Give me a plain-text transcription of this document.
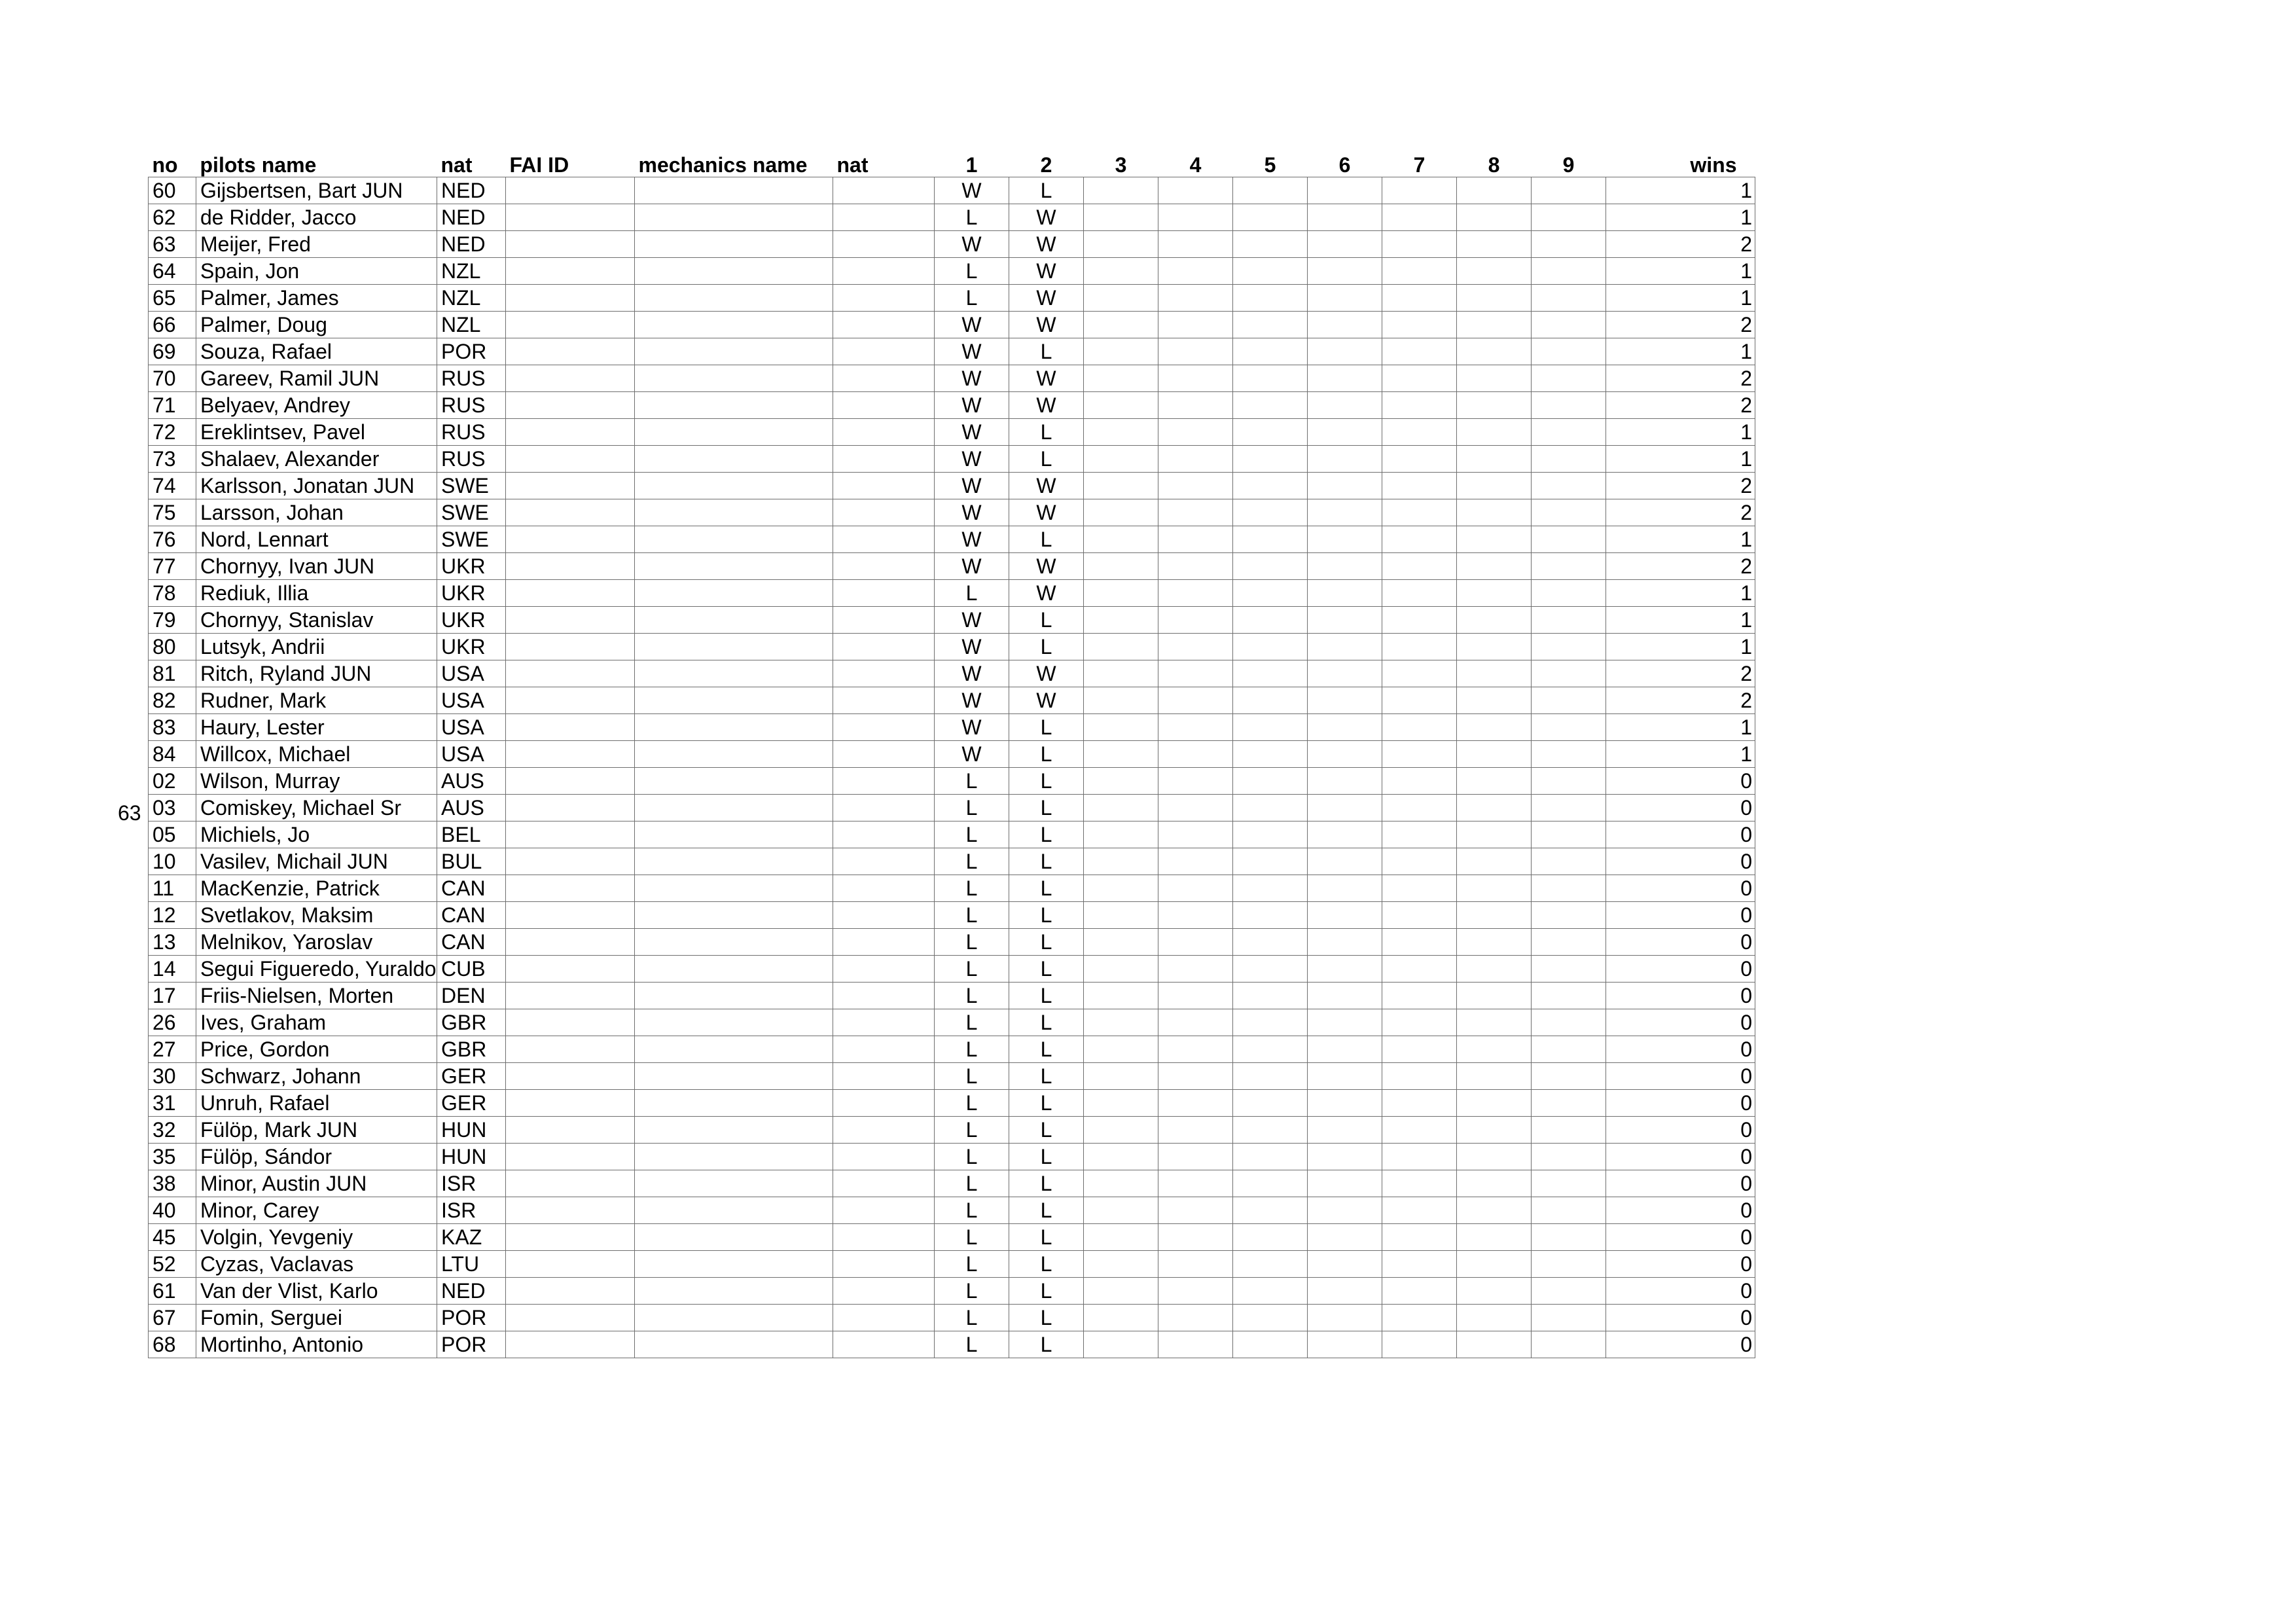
63
no	pilots name	nat	FAI ID	mechanics name	nat	1	2	3	4	5	6	7	8	9	wins
60	Gijsbertsen, Bart JUN	NED				W	L								1
62	de Ridder, Jacco	NED				L	W								1
63	Meijer, Fred	NED				W	W								2
64	Spain, Jon	NZL				L	W								1
65	Palmer, James	NZL				L	W								1
66	Palmer, Doug	NZL				W	W								2
69	Souza, Rafael	POR				W	L								1
70	Gareev, Ramil JUN	RUS				W	W								2
71	Belyaev, Andrey	RUS				W	W								2
72	Ereklintsev, Pavel	RUS				W	L								1
73	Shalaev, Alexander	RUS				W	L								1
74	Karlsson, Jonatan JUN	SWE				W	W								2
75	Larsson, Johan	SWE				W	W								2
76	Nord, Lennart	SWE				W	L								1
77	Chornyy, Ivan JUN	UKR				W	W								2
78	Rediuk, Illia	UKR				L	W								1
79	Chornyy, Stanislav	UKR				W	L								1
80	Lutsyk, Andrii	UKR				W	L								1
81	Ritch, Ryland JUN	USA				W	W								2
82	Rudner, Mark	USA				W	W								2
83	Haury, Lester	USA				W	L								1
84	Willcox, Michael	USA				W	L								1
02	Wilson, Murray	AUS				L	L								0
03	Comiskey, Michael Sr	AUS				L	L								0
05	Michiels, Jo	BEL				L	L								0
10	Vasilev, Michail JUN	BUL				L	L								0
11	MacKenzie, Patrick	CAN				L	L								0
12	Svetlakov, Maksim	CAN				L	L								0
13	Melnikov, Yaroslav	CAN				L	L								0
14	Segui Figueredo, Yuraldo	CUB				L	L								0
17	Friis-Nielsen, Morten	DEN				L	L								0
26	Ives, Graham	GBR				L	L								0
27	Price, Gordon	GBR				L	L								0
30	Schwarz, Johann	GER				L	L								0
31	Unruh, Rafael	GER				L	L								0
32	Fülöp, Mark JUN	HUN				L	L								0
35	Fülöp, Sándor	HUN				L	L								0
38	Minor, Austin JUN	ISR				L	L								0
40	Minor, Carey	ISR				L	L								0
45	Volgin, Yevgeniy	KAZ				L	L								0
52	Cyzas, Vaclavas	LTU				L	L								0
61	Van der Vlist, Karlo	NED				L	L								0
67	Fomin, Serguei	POR				L	L								0
68	Mortinho, Antonio	POR				L	L								0
